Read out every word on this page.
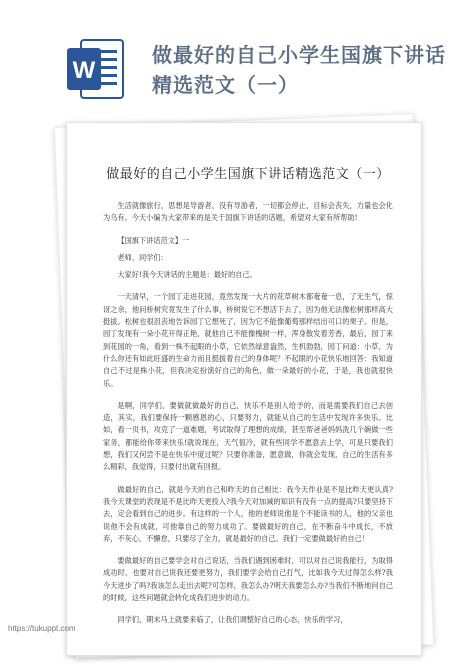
W
做最好的自己小学生国旗下讲话精选范文（一）
做最好的自己小学生国旗下讲话精选范文（一）

生活就像旅行，思想是导游者，没有导游者，一切都会停止，目标会丧失，力量也会化为乌有。今天小编为大家带来的是关于国旗下讲话的话题，希望对大家有所帮助!

【国旗下讲话范文】一

老师、同学们：

大家好!我今天讲话的主题是：最好的自己。

一天清早，一个园丁走进花园，竟然发现一大片的花草树木都奄奄一息，了无生气，惊讶之余，他问桥树究竟发生了什么事，桥树说它不想活下去了，因为他无法像松树那样高大挺拔。松树也很沮丧地告诉园丁它想死了，因为它不能像葡萄那样结出可口的果子。但是，园丁发现有一朵小花开得正艳，就他自己不能像槐树一样，浑身散发着芳香，最后，园丁来到花园的一角，看到一株不起眼的小草，它依然绿意盎然，生机勃勃，园丁问道：小草，为什么你还有如此旺盛的生命力而且挺拔着自己的身体呢？不起眼的小花快乐地回答：我知道自己不过是株小花，但我决定扮演好自己的角色，做一朵最好的小花，于是，我也就很快乐。

是啊，同学们，要做就做最好的自己，快乐不是别人给予的，而是需要我们自己去创造，其实，我们要保持一颗感恩的心，只要努力，就能从自己的生活中发现许多快乐。比如，看一页书，攻克了一道难题，考试取得了理想的成绩，甚至帮爸爸妈妈洗几个碗做一些家务，都能给你带来快乐!就说现在，天气很冷，就有些同学不愿意去上学，可是只要我们想，我们又何尝不是在快乐中度过呢？只要你准备，愿意做，你就会发现，自己的生活有多么精彩，我觉得，只要付出就有回报。

做最好的自己，就是今天的自己和昨天的自己相比：我今天作业是不是比昨天更认真?我今天课堂的表现是不是比昨天更投入?我今天对加减的知识有没有一点的提高?只要坚持下去，定会看到自己的进步。有这样的一个人，他的老师说他是个不能读书的人，他的父亲也说他不会有成就，可他靠自己的努力成功了。要做最好的自己，在不断奋斗中成长，不放弃，不灰心，不懈怠，只要尽了全力，就是最好的自己。我们一定要做最好的自己！

要做最好的自己要学会对自己说话，当我们遇到困难时，可以对自己说我能行，为取得成功时，也要对自己说我还要更努力，我们要学会给自己打气，比如我今天过得怎么样?我今天进步了吗?我该怎么走出去呢?可怎样，我怎么办?明天我要怎么办?当我们不断地问自己的时候，这些问题就会转化成我们进步的动力。

同学们，期末马上就要来临了，让我们调整好自己的心态，快乐的学习，

https://tukuppt.com
